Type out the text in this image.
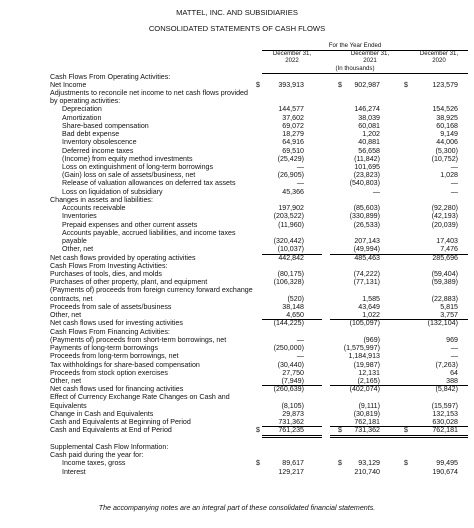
MATTEL, INC. AND SUBSIDIARIES
CONSOLIDATED STATEMENTS OF CASH FLOWS
For the Year Ended
December 31,
2022
December 31,
2021
December 31,
2020
(In thousands)
Cash Flows From Operating Activities:
Net Income	$	393,913	$ 902,987	$	123,579
Adjustments to reconcile net income to net cash flows provided
by operating activities:
Depreciation	144,577	146,274	154,526
Amortization	37,602	38,039	38,925
Share-based compensation	69,072	60,081	60,168
Bad debt expense	18,279	1,202	9,149
Inventory obsolescence	64,916	40,881	44,006
Deferred income taxes	69,510	56,658	(5,300)
(Income) from equity method investments	(25,429)	(11,842)	(10,752)
Loss on extinguishment of long-term borrowings	—	101,695	—
(Gain) loss on sale of assets/business, net	(26,905)	(23,823)	1,028
Release of valuation allowances on deferred tax assets	—	(540,803)	—
Loss on liquidation of subsidiary	45,366	—	—
Changes in assets and liabilities:
Accounts receivable	197,902	(85,603)	(92,280)
Inventories	(203,522)	(330,899)	(42,193)
Prepaid expenses and other current assets	(11,960)	(26,533)	(20,039)
Accounts payable, accrued liabilities, and income taxes
payable	(320,442)	207,143	17,403
Other, net	(10,037)	(49,994)	7,476
Net cash flows provided by operating activities	442,842	485,463	285,696
Cash Flows From Investing Activities:
Purchases of tools, dies, and molds	(80,175)	(74,222)	(59,404)
Purchases of other property, plant, and equipment	(106,328)	(77,131)	(59,389)
(Payments of) proceeds from foreign currency forward exchange
contracts, net	(520)	1,585	(22,883)
Proceeds from sale of assets/business	38,148	43,649	5,815
Other, net	4,650	1,022	3,757
Net cash flows used for investing activities	(144,225)	(105,097)	(132,104)
Cash Flows From Financing Activities:
(Payments of) proceeds from short-term borrowings, net	—	(969)	969
Payments of long-term borrowings	(250,000)	(1,575,997)	—
Proceeds from long-term borrowings, net	—	1,184,913	—
Tax withholdings for share-based compensation	(30,440)	(19,987)	(7,263)
Proceeds from stock option exercises	27,750	12,131	64
Other, net	(7,949)	(2,165)	388
Net cash flows used for financing activities	(260,639)	(402,074)	(5,842)
Effect of Currency Exchange Rate Changes on Cash and
Equivalents	(8,105)	(9,111)	(15,597)
Change in Cash and Equivalents	29,873	(30,819)	132,153
Cash and Equivalents at Beginning of Period	731,362	762,181	630,028
Cash and Equivalents at End of Period	$	761,235	$ 731,362	$	762,181
Supplemental Cash Flow Information:
Cash paid during the year for:
Income taxes, gross	$	89,617	$ 93,129	$	99,495
Interest	129,217	210,740	190,674
The accompanying notes are an integral part of these consolidated financial statements.
